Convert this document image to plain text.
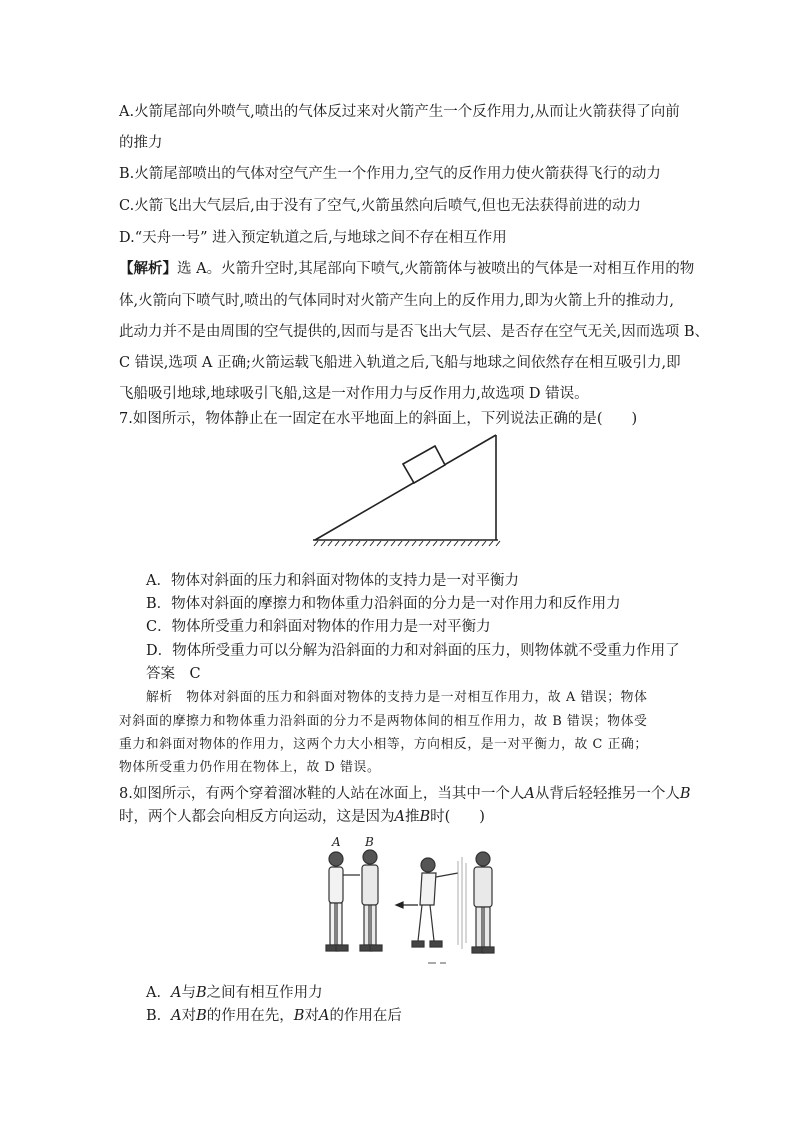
A.火箭尾部向外喷气,喷出的气体反过来对火箭产生一个反作用力,从而让火箭获得了向前
的推力
B.火箭尾部喷出的气体对空气产生一个作用力,空气的反作用力使火箭获得飞行的动力
C.火箭飞出大气层后,由于没有了空气,火箭虽然向后喷气,但也无法获得前进的动力
D.“天舟一号” 进入预定轨道之后,与地球之间不存在相互作用
【解析】选 A。火箭升空时,其尾部向下喷气,火箭箭体与被喷出的气体是一对相互作用的物
体,火箭向下喷气时,喷出的气体同时对火箭产生向上的反作用力,即为火箭上升的推动力,
此动力并不是由周围的空气提供的,因而与是否飞出大气层、是否存在空气无关,因而选项 B、
C 错误,选项 A 正确;火箭运载飞船进入轨道之后,飞船与地球之间依然存在相互吸引力,即
飞船吸引地球,地球吸引飞船,这是一对作用力与反作用力,故选项 D 错误。
7.如图所示，物体静止在一固定在水平地面上的斜面上，下列说法正确的是(　　)
A．物体对斜面的压力和斜面对物体的支持力是一对平衡力
B．物体对斜面的摩擦力和物体重力沿斜面的分力是一对作用力和反作用力
C．物体所受重力和斜面对物体的作用力是一对平衡力
D．物体所受重力可以分解为沿斜面的力和对斜面的压力，则物体就不受重力作用了
答案　C
解析　物体对斜面的压力和斜面对物体的支持力是一对相互作用力，故 A 错误；物体
对斜面的摩擦力和物体重力沿斜面的分力不是两物体间的相互作用力，故 B 错误；物体受
重力和斜面对物体的作用力，这两个力大小相等，方向相反，是一对平衡力，故 C 正确；
物体所受重力仍作用在物体上，故 D 错误。
8.如图所示，有两个穿着溜冰鞋的人站在冰面上，当其中一个人A从背后轻轻推另一个人B
时，两个人都会向相反方向运动，这是因为A推B时(　　)
A B
A．A与B之间有相互作用力
B．A对B的作用在先，B对A的作用在后
